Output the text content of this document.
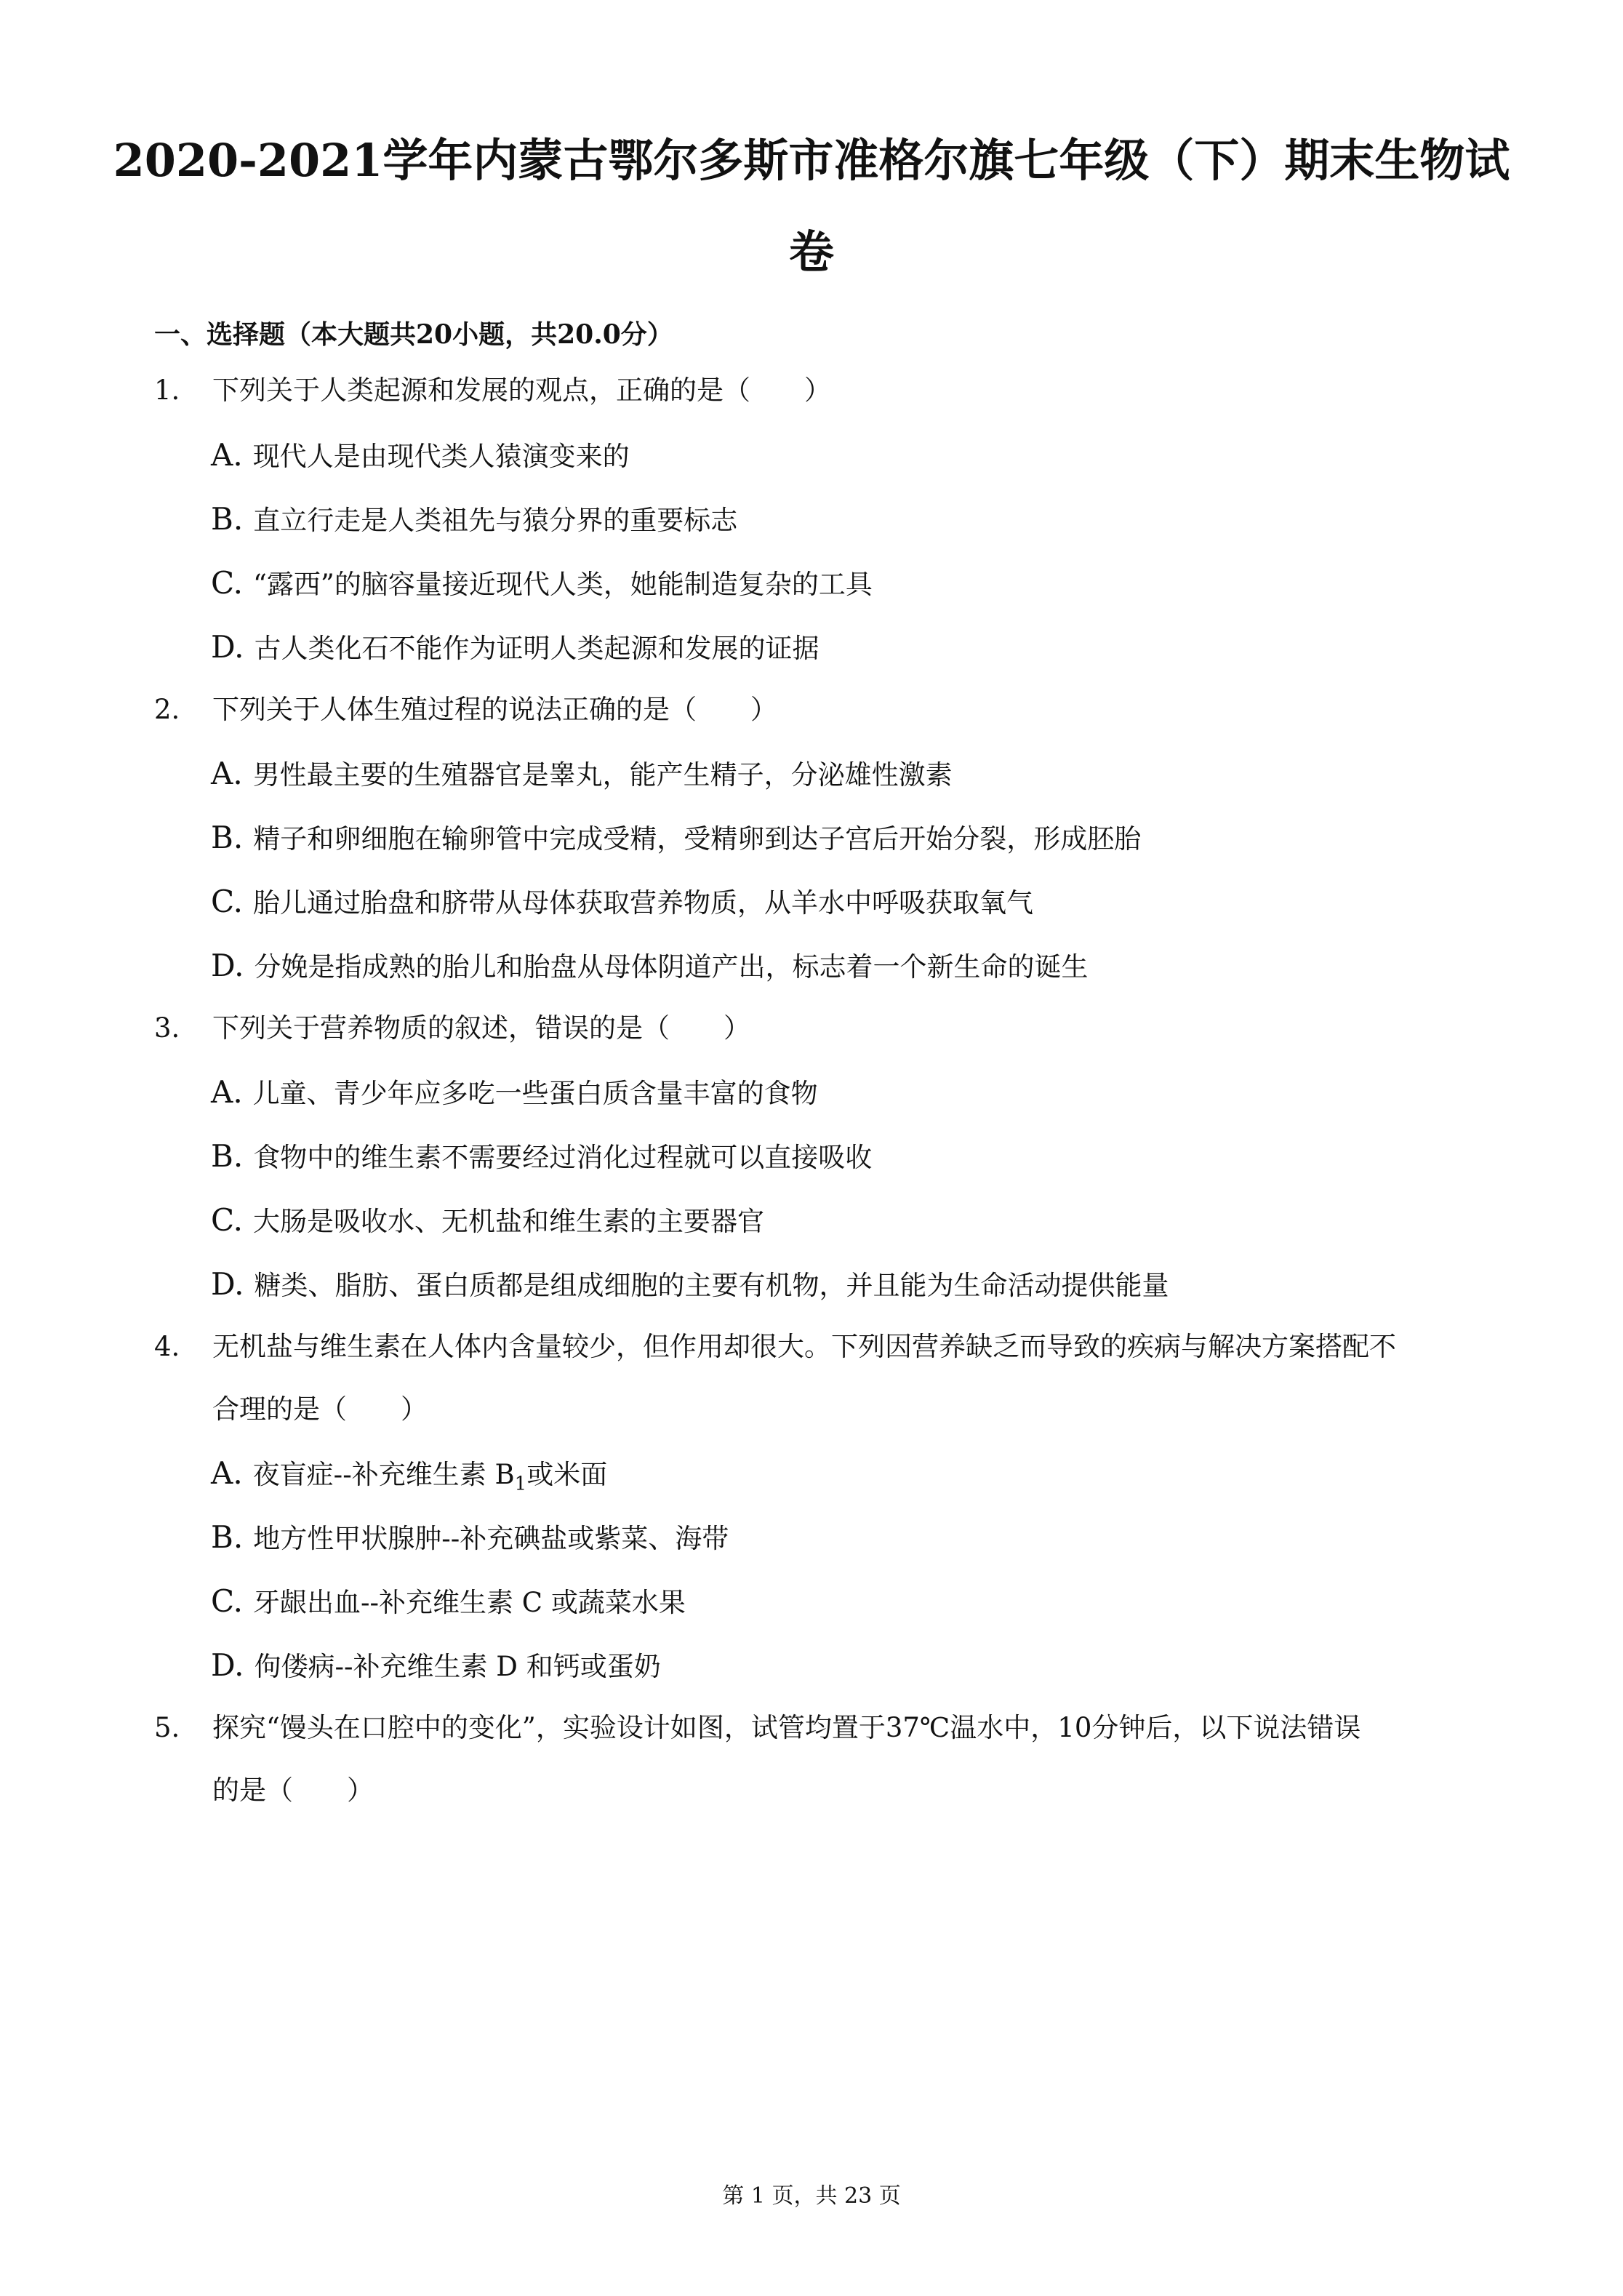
2020-2021学年内蒙古鄂尔多斯市准格尔旗七年级（下）期末生物试
卷
一、选择题（本大题共20小题，共20.0分）
1. 下列关于人类起源和发展的观点，正确的是（　　）
A. 现代人是由现代类人猿演变来的
B. 直立行走是人类祖先与猿分界的重要标志
C. “露西”的脑容量接近现代人类，她能制造复杂的工具
D. 古人类化石不能作为证明人类起源和发展的证据
2. 下列关于人体生殖过程的说法正确的是（　　）
A. 男性最主要的生殖器官是睾丸，能产生精子，分泌雄性激素
B. 精子和卵细胞在输卵管中完成受精，受精卵到达子宫后开始分裂，形成胚胎
C. 胎儿通过胎盘和脐带从母体获取营养物质，从羊水中呼吸获取氧气
D. 分娩是指成熟的胎儿和胎盘从母体阴道产出，标志着一个新生命的诞生
3. 下列关于营养物质的叙述，错误的是（　　）
A. 儿童、青少年应多吃一些蛋白质含量丰富的食物
B. 食物中的维生素不需要经过消化过程就可以直接吸收
C. 大肠是吸收水、无机盐和维生素的主要器官
D. 糖类、脂肪、蛋白质都是组成细胞的主要有机物，并且能为生命活动提供能量
4. 无机盐与维生素在人体内含量较少，但作用却很大。下列因营养缺乏而导致的疾病与解决方案搭配不
合理的是（　　）
A. 夜盲症--补充维生素 $B_1$或米面
B. 地方性甲状腺肿--补充碘盐或紫菜、海带
C. 牙龈出血--补充维生素 C 或蔬菜水果
D. 佝偻病--补充维生素 D 和钙或蛋奶
5. 探究“馒头在口腔中的变化”，实验设计如图，试管均置于37℃温水中，10分钟后，以下说法错误
的是（　　）
第 1 页，共 23 页
